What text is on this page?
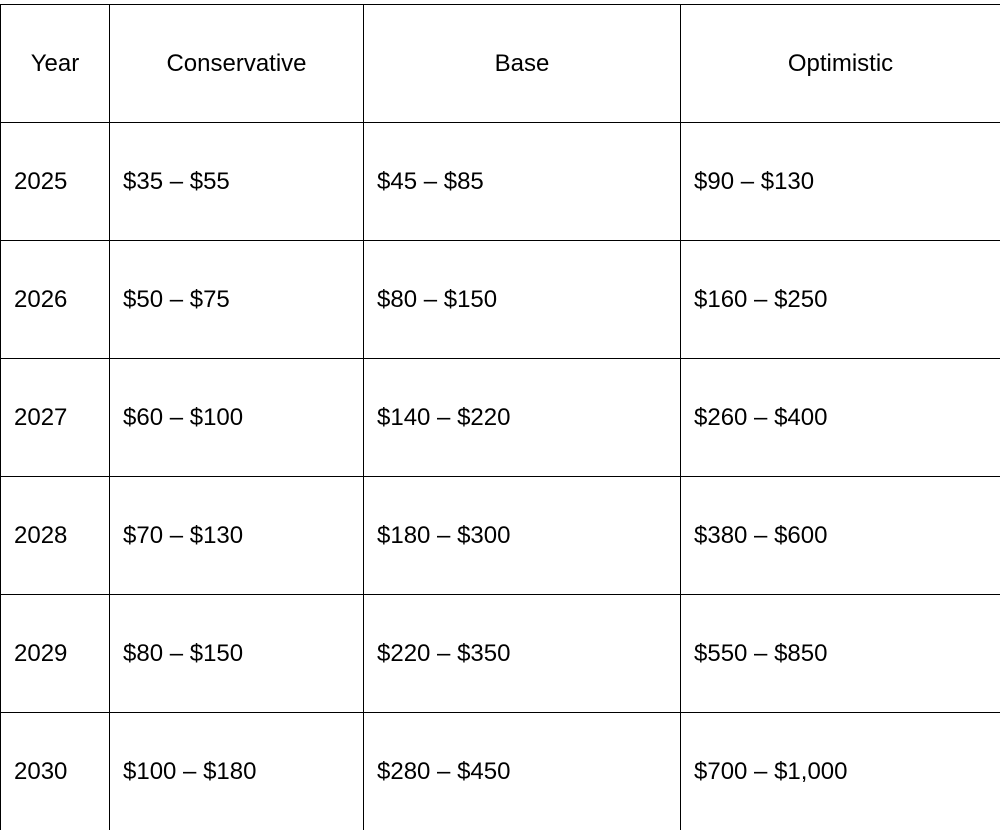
Year	Conservative	Base	Optimistic
2025	$35 – $55	$45 – $85	$90 – $130
2026	$50 – $75	$80 – $150	$160 – $250
2027	$60 – $100	$140 – $220	$260 – $400
2028	$70 – $130	$180 – $300	$380 – $600
2029	$80 – $150	$220 – $350	$550 – $850
2030	$100 – $180	$280 – $450	$700 – $1,000
